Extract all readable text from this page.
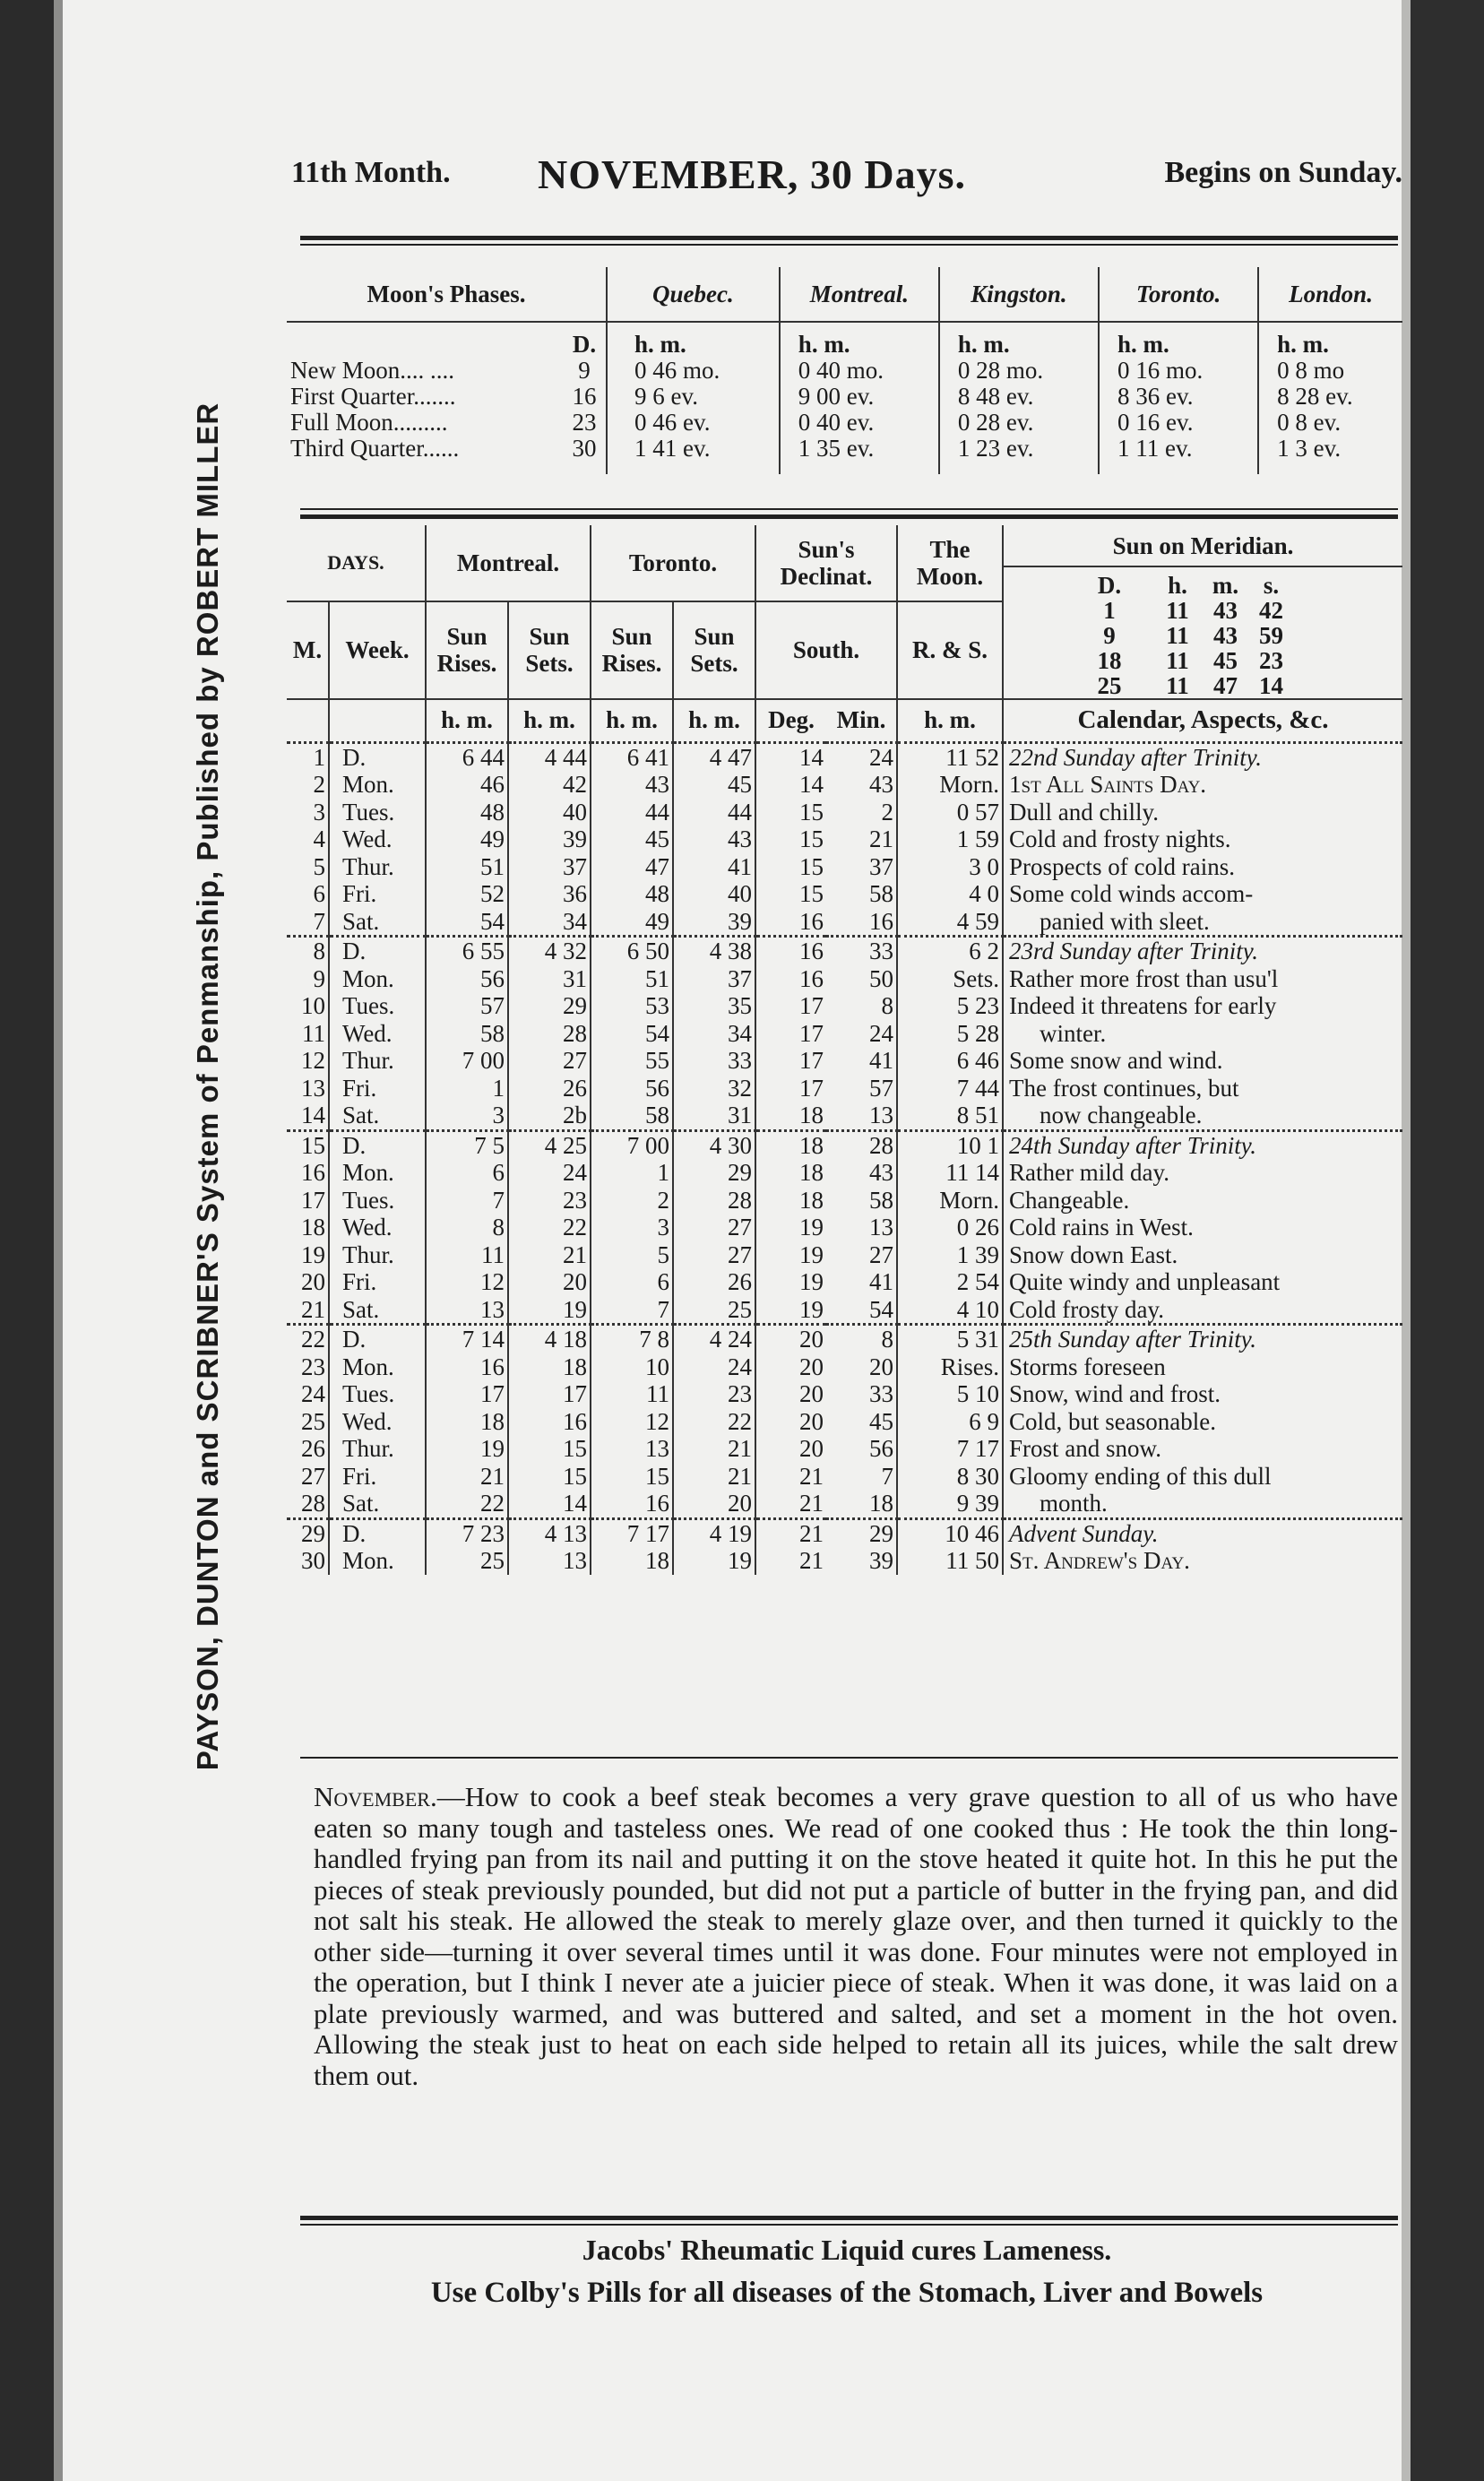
PAYSON, DUNTON and SCRIBNER'S System of Penmanship, Published by ROBERT MILLER
11th Month. NOVEMBER, 30 Days.	Begins on Sunday.
Moon's Phases.		Quebec.	Montreal.	Kingston.	Toronto.	London.
	D.	h. m.	h. m.	h. m.	h. m.	h. m.
New Moon.... ....	9	0 46 mo.	0 40 mo.	0 28 mo.	0 16 mo.	0 8 mo
First Quarter.......	16	9 6 ev.	9 00 ev.	8 48 ev.	8 36 ev.	8 28 ev.
Full Moon.........	23	0 46 ev.	0 40 ev.	0 28 ev.	0 16 ev.	0 8 ev.
Third Quarter......	30	1 41 ev.	1 35 ev.	1 23 ev.	1 11 ev.	1 3 ev.
DAYS.	Montreal.	Toronto.	Sun's Declinat.	The Moon.	
Sun on Meridian.
D.	h.	m.	s.
1	11	43	42
9	11	43	59
18	11	45	23
25	11	47	14

M.	Week.	Sun Rises.	Sun Sets.	Sun Rises.	Sun Sets.	South.	R. & S.
		h. m.	h. m.	h. m.	h. m.	Deg.	Min.	h. m.	Calendar, Aspects, &c.
1	D.	6 44	4 44	6 41	4 47	14	24	11 52	22nd Sunday after Trinity.
2	Mon.	46	42	43	45	14	43	Morn.	1st All Saints Day.
3	Tues.	48	40	44	44	15	2	0 57	Dull and chilly.
4	Wed.	49	39	45	43	15	21	1 59	Cold and frosty nights.
5	Thur.	51	37	47	41	15	37	3 0	Prospects of cold rains.
6	Fri.	52	36	48	40	15	58	4 0	Some cold winds accom-
7	Sat.	54	34	49	39	16	16	4 59	panied with sleet.
8	D.	6 55	4 32	6 50	4 38	16	33	6 2	23rd Sunday after Trinity.
9	Mon.	56	31	51	37	16	50	Sets.	Rather more frost than usu'l
10	Tues.	57	29	53	35	17	8	5 23	Indeed it threatens for early
11	Wed.	58	28	54	34	17	24	5 28	winter.
12	Thur.	7 00	27	55	33	17	41	6 46	Some snow and wind.
13	Fri.	1	26	56	32	17	57	7 44	The frost continues, but
14	Sat.	3	2b	58	31	18	13	8 51	now changeable.
15	D.	7 5	4 25	7 00	4 30	18	28	10 1	24th Sunday after Trinity.
16	Mon.	6	24	1	29	18	43	11 14	Rather mild day.
17	Tues.	7	23	2	28	18	58	Morn.	Changeable.
18	Wed.	8	22	3	27	19	13	0 26	Cold rains in West.
19	Thur.	11	21	5	27	19	27	1 39	Snow down East.
20	Fri.	12	20	6	26	19	41	2 54	Quite windy and unpleasant
21	Sat.	13	19	7	25	19	54	4 10	Cold frosty day.
22	D.	7 14	4 18	7 8	4 24	20	8	5 31	25th Sunday after Trinity.
23	Mon.	16	18	10	24	20	20	Rises.	Storms foreseen
24	Tues.	17	17	11	23	20	33	5 10	Snow, wind and frost.
25	Wed.	18	16	12	22	20	45	6 9	Cold, but seasonable.
26	Thur.	19	15	13	21	20	56	7 17	Frost and snow.
27	Fri.	21	15	15	21	21	7	8 30	Gloomy ending of this dull
28	Sat.	22	14	16	20	21	18	9 39	month.
29	D.	7 23	4 13	7 17	4 19	21	29	10 46	Advent Sunday.
30	Mon.	25	13	18	19	21	39	11 50	St. Andrew's Day.
November.—How to cook a beef steak becomes a very grave question to all of us who have eaten so many tough and tasteless ones. We read of one cooked thus : He took the thin long-handled frying pan from its nail and putting it on the stove heated it quite hot. In this he put the pieces of steak previously pounded, but did not put a particle of butter in the frying pan, and did not salt his steak. He allowed the steak to merely glaze over, and then turned it quickly to the other side—turning it over several times until it was done. Four minutes were not employed in the operation, but I think I never ate a juicier piece of steak. When it was done, it was laid on a plate previously warmed, and was buttered and salted, and set a moment in the hot oven. Allowing the steak just to heat on each side helped to retain all its juices, while the salt drew them out.
Jacobs' Rheumatic Liquid cures Lameness.
Use Colby's Pills for all diseases of the Stomach, Liver and Bowels
